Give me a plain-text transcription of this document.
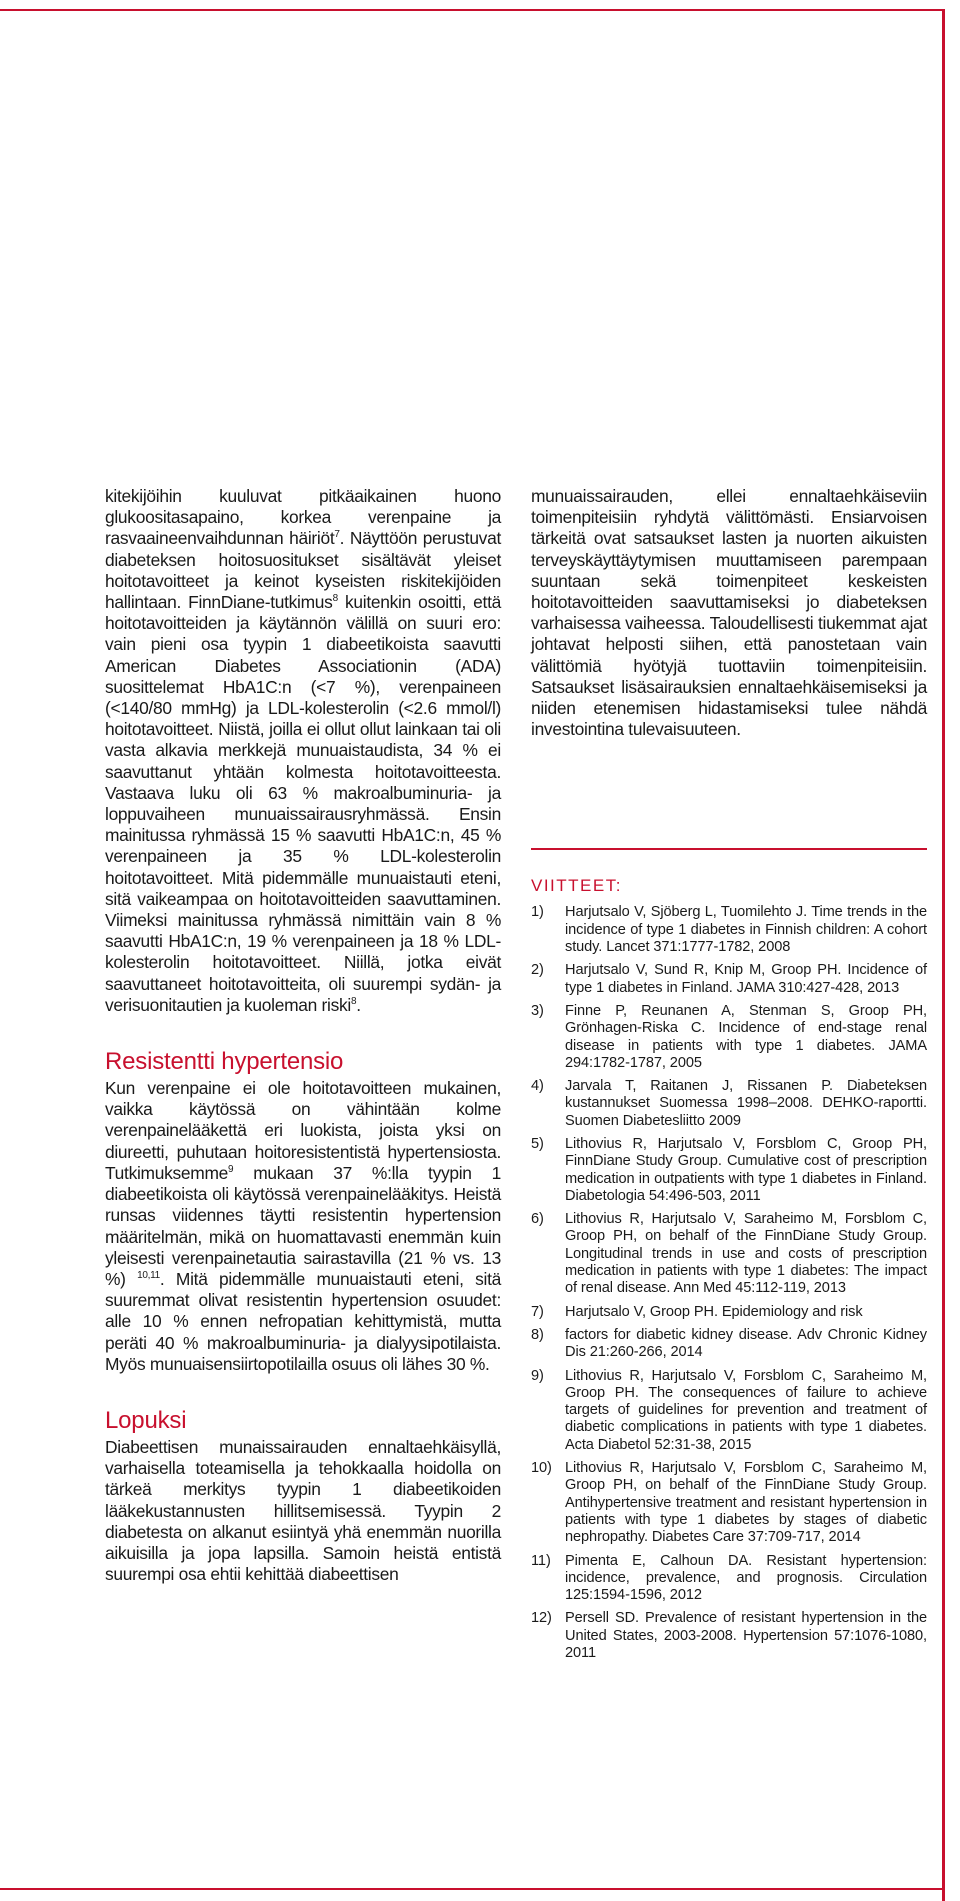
kitekijöihin kuuluvat pitkäaikainen huono glukoositasapaino, korkea verenpaine ja rasvaaineenvaihdunnan häiriöt$^7$. Näyttöön perustuvat diabeteksen hoitosuositukset sisältävät yleiset hoitotavoitteet ja keinot kyseisten riskitekijöiden hallintaan. FinnDiane-tutkimus$^8$ kuitenkin osoitti, että hoitotavoitteiden ja käytännön välillä on suuri ero: vain pieni osa tyypin 1 diabeetikoista saavutti American Diabetes Associationin (ADA) suosittelemat HbA1C:n (<7 %), verenpaineen (<140/80 mmHg) ja LDL-kolesterolin (<2.6 mmol/l) hoitotavoitteet. Niistä, joilla ei ollut ollut lainkaan tai oli vasta alkavia merkkejä munuaistaudista, 34 % ei saavuttanut yhtään kolmesta hoitotavoitteesta. Vastaava luku oli 63 % makroalbuminuria- ja loppuvaiheen munuaissairausryhmässä. Ensin mainitussa ryhmässä 15 % saavutti HbA1C:n, 45 % verenpaineen ja 35 % LDL-kolesterolin hoitotavoitteet. Mitä pidemmälle munuaistauti eteni, sitä vaikeampaa on hoitotavoitteiden saavuttaminen. Viimeksi mainitussa ryhmässä nimittäin vain 8 % saavutti HbA1C:n, 19 % verenpaineen ja 18 % LDL-kolesterolin hoitotavoitteet. Niillä, jotka eivät saavuttaneet hoitotavoitteita, oli suurempi sydän- ja verisuonitautien ja kuoleman riski$^8$.

Resistentti hypertensio

Kun verenpaine ei ole hoitotavoitteen mukainen, vaikka käytössä on vähintään kolme verenpainelääkettä eri luokista, joista yksi on diureetti, puhutaan hoitoresistentistä hypertensiosta. Tutkimuksemme$^9$ mukaan 37 %:lla tyypin 1 diabeetikoista oli käytössä verenpainelääkitys. Heistä runsas viidennes täytti resistentin hypertension määritelmän, mikä on huomattavasti enemmän kuin yleisesti verenpainetautia sairastavilla (21 % vs. 13 %) $^{10,11}$. Mitä pidemmälle munuaistauti eteni, sitä suuremmat olivat resistentin hypertension osuudet: alle 10 % ennen nefropatian kehittymistä, mutta peräti 40 % makroalbuminuria- ja dialyysipotilaista. Myös munuaisensiirtopotilailla osuus oli lähes 30 %.

Lopuksi

Diabeettisen munaissairauden ennaltaehkäisyllä, varhaisella toteamisella ja tehokkaalla hoidolla on tärkeä merkitys tyypin 1 diabeetikoiden lääkekustannusten hillitsemisessä. Tyypin 2 diabetesta on alkanut esiintyä yhä enemmän nuorilla aikuisilla ja jopa lapsilla. Samoin heistä entistä suurempi osa ehtii kehittää diabeettisen

munuaissairauden, ellei ennaltaehkäiseviin toimenpiteisiin ryhdytä välittömästi. Ensiarvoisen tärkeitä ovat satsaukset lasten ja nuorten aikuisten terveyskäyttäytymisen muuttamiseen parempaan suuntaan sekä toimenpiteet keskeisten hoitotavoitteiden saavuttamiseksi jo diabeteksen varhaisessa vaiheessa. Taloudellisesti tiukemmat ajat johtavat helposti siihen, että panostetaan vain välittömiä hyötyjä tuottaviin toimenpiteisiin. Satsaukset lisäsairauksien ennaltaehkäisemiseksi ja niiden etenemisen hidastamiseksi tulee nähdä investointina tulevaisuuteen.

VIITTEET:
1)	Harjutsalo V, Sjöberg L, Tuomilehto J. Time trends in the incidence of type 1 diabetes in Finnish children: A cohort study. Lancet 371:1777-1782, 2008
2)	Harjutsalo V, Sund R, Knip M, Groop PH. Incidence of type 1 diabetes in Finland. JAMA 310:427-428, 2013
3)	Finne P, Reunanen A, Stenman S, Groop PH, Grönhagen-Riska C. Incidence of end-stage renal disease in patients with type 1 diabetes. JAMA 294:1782-1787, 2005
4)	Jarvala T, Raitanen J, Rissanen P. Diabeteksen kustannukset Suomessa 1998–2008. DEHKO-raportti. Suomen Diabetesliitto 2009
5)	Lithovius R, Harjutsalo V, Forsblom C, Groop PH, FinnDiane Study Group. Cumulative cost of prescription medication in outpatients with type 1 diabetes in Finland. Diabetologia 54:496-503, 2011
6)	Lithovius R, Harjutsalo V, Saraheimo M, Forsblom C, Groop PH, on behalf of the FinnDiane Study Group. Longitudinal trends in use and costs of prescription medication in patients with type 1 diabetes: The impact of renal disease. Ann Med 45:112-119, 2013
7)	Harjutsalo V, Groop PH. Epidemiology and risk
8)	factors for diabetic kidney disease. Adv Chronic Kidney Dis 21:260-266, 2014
9)	Lithovius R, Harjutsalo V, Forsblom C, Saraheimo M, Groop PH. The consequences of failure to achieve targets of guidelines for prevention and treatment of diabetic complications in patients with type 1 diabetes. Acta Diabetol 52:31-38, 2015
10) Lithovius R, Harjutsalo V, Forsblom C, Saraheimo M, Groop PH, on behalf of the FinnDiane Study Group. Antihypertensive treatment and resistant hypertension in patients with type 1 diabetes by stages of diabetic nephropathy. Diabetes Care 37:709-717, 2014
11) Pimenta E, Calhoun DA. Resistant hypertension: incidence, prevalence, and prognosis. Circulation 125:1594-1596, 2012
12) Persell SD. Prevalence of resistant hypertension in the United States, 2003-2008. Hypertension 57:1076-1080, 2011
